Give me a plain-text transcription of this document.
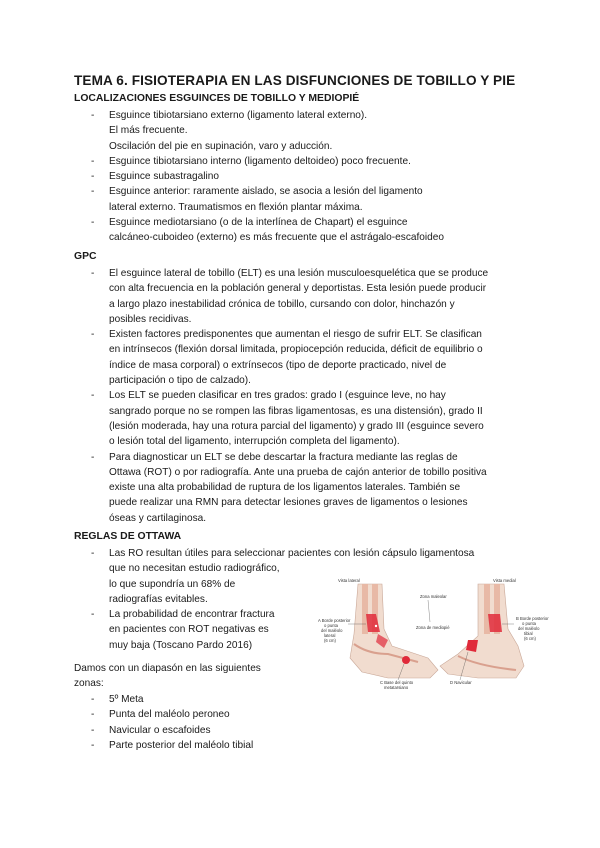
TEMA 6. FISIOTERAPIA EN LAS DISFUNCIONES DE TOBILLO Y PIE
LOCALIZACIONES ESGUINCES DE TOBILLO Y MEDIOPIÉ
- Esguince tibiotarsiano externo (ligamento lateral externo).
El más frecuente.
Oscilación del pie en supinación, varo y aducción.
- Esguince tibiotarsiano interno (ligamento deltoideo) poco frecuente.
- Esguince subastragalino
- Esguince anterior: raramente aislado, se asocia a lesión del ligamento
lateral externo. Traumatismos en flexión plantar máxima.
- Esguince mediotarsiano (o de la interlínea de Chapart) el esguince
calcáneo-cuboideo (externo) es más frecuente que el astrágalo-escafoideo
GPC
- El esguince lateral de tobillo (ELT) es una lesión musculoesquelética que se produce
con alta frecuencia en la población general y deportistas. Esta lesión puede producir
a largo plazo inestabilidad crónica de tobillo, cursando con dolor, hinchazón y
posibles recidivas.
- Existen factores predisponentes que aumentan el riesgo de sufrir ELT. Se clasifican
en intrínsecos (flexión dorsal limitada, propiocepción reducida, déficit de equilibrio o
índice de masa corporal) o extrínsecos (tipo de deporte practicado, nivel de
participación o tipo de calzado).
- Los ELT se pueden clasificar en tres grados: grado I (esguince leve, no hay
sangrado porque no se rompen las fibras ligamentosas, es una distensión), grado II
(lesión moderada, hay una rotura parcial del ligamento) y grado III (esguince severo
o lesión total del ligamento, interrupción completa del ligamento).
- Para diagnosticar un ELT se debe descartar la fractura mediante las reglas de
Ottawa (ROT) o por radiografía. Ante una prueba de cajón anterior de tobillo positiva
existe una alta probabilidad de ruptura de los ligamentos laterales. También se
puede realizar una RMN para detectar lesiones graves de ligamentos o lesiones
óseas y cartilaginosa.
REGLAS DE OTTAWA
- Las RO resultan útiles para seleccionar pacientes con lesión cápsulo ligamentosa
que no necesitan estudio radiográfico,
lo que supondría un 68% de
radiografías evitables.
- La probabilidad de encontrar fractura
en pacientes con ROT negativas es
muy baja (Toscano Pardo 2016)
Damos con un diapasón en las siguientes
zonas:
- 5º Meta
- Punta del maléolo peroneo
- Navicular o escafoides
- Parte posterior del maléolo tibial
Vista lateral	Vista medial
Zona maleolar
Zona de mediopié
A Borde posterior
o punta
del maléolo
lateral
(6 cm)
B Borde posterior
o punta
del maléolo
tibial
(6 cm)
C Base del quinto
metatarsiano
D Navicular
